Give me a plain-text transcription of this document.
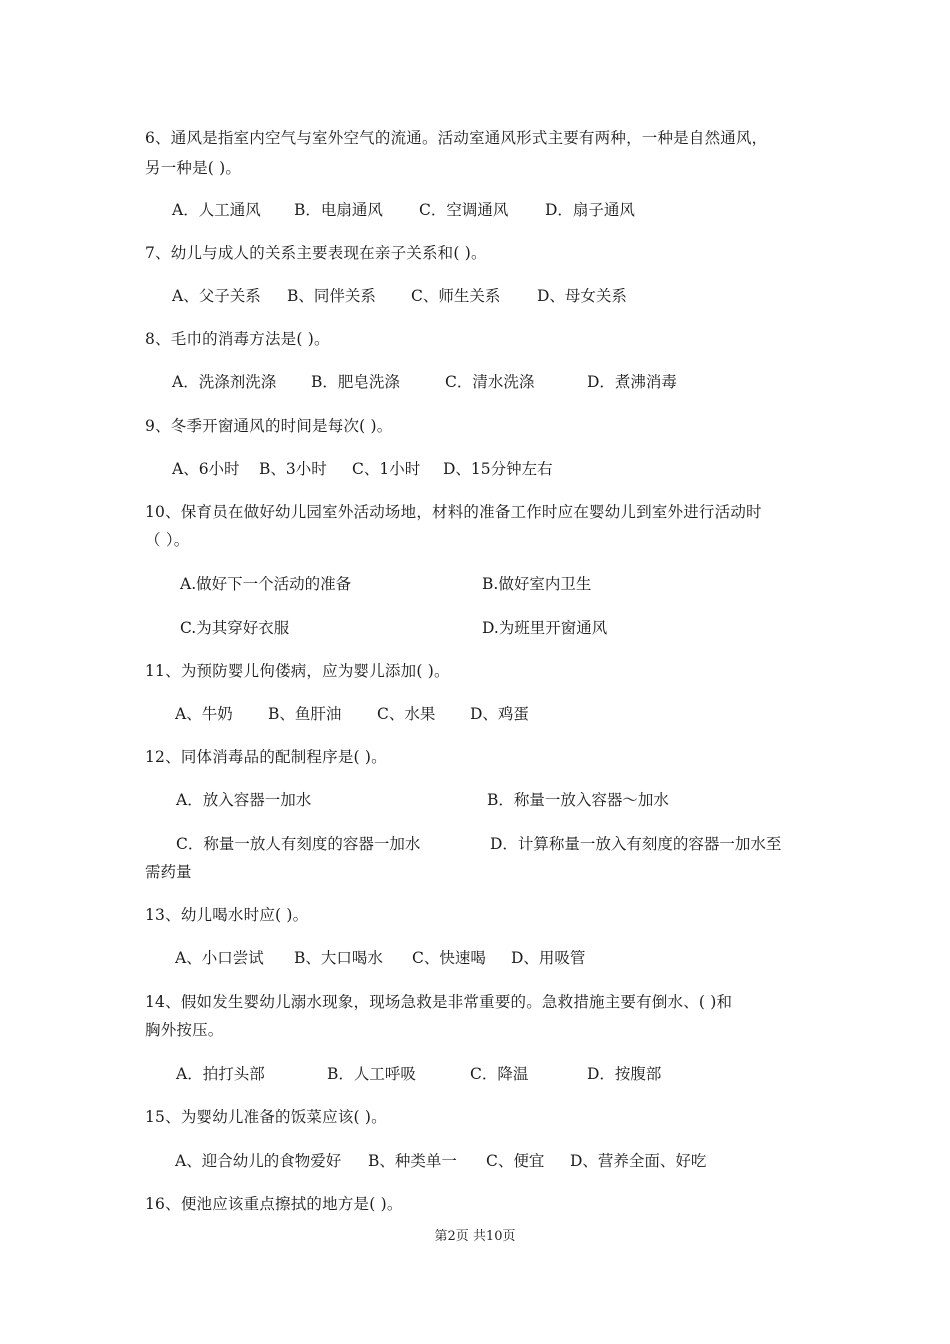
6、通风是指室内空气与室外空气的流通。活动室通风形式主要有两种，一种是自然通风，
另一种是( )。
A．人工通风 B．电扇通风 C．空调通风 D．扇子通风
7、幼儿与成人的关系主要表现在亲子关系和( )。
A、父子关系 B、同伴关系 C、师生关系 D、母女关系
8、毛巾的消毒方法是( )。
A．洗涤剂洗涤 B．肥皂洗涤	C．清水洗涤	D．煮沸消毒
9、冬季开窗通风的时间是每次( )。
A、6小时 B、3小时 C、1小时 D、15分钟左右
10、保育员在做好幼儿园室外活动场地，材料的准备工作时应在婴幼儿到室外进行活动时
（ ）。
A.做好下一个活动的准备	B.做好室内卫生
C.为其穿好衣服	D.为班里开窗通风
11、为预防婴儿佝偻病，应为婴儿添加( )。
A、牛奶 B、鱼肝油 C、水果 D、鸡蛋
12、同体消毒品的配制程序是( )。
A．放入容器一加水	B．称量一放入容器～加水
C．称量一放人有刻度的容器一加水	D．计算称量一放入有刻度的容器一加水至
需药量
13、幼儿喝水时应( )。
A、小口尝试 B、大口喝水 C、快速喝 D、用吸管
14、假如发生婴幼儿溺水现象，现场急救是非常重要的。急救措施主要有倒水、( )和
胸外按压。
A．拍打头部	B．人工呼吸	C．降温	D．按腹部
15、为婴幼儿准备的饭菜应该( )。
A、迎合幼儿的食物爱好 B、种类单一 C、便宜 D、营养全面、好吃
16、便池应该重点擦拭的地方是( )。
第2页 共10页
